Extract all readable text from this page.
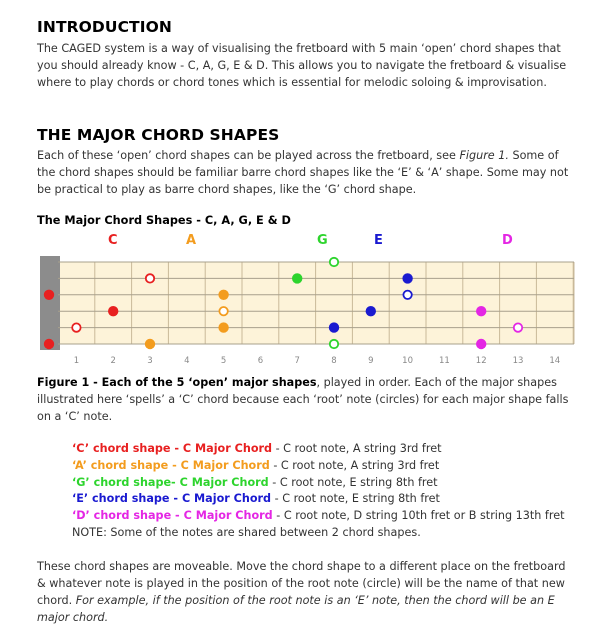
INTRODUCTION

The CAGED system is a way of visualising the fretboard with 5 main ‘open’ chord shapes that you should already know - C, A, G, E & D. This allows you to navigate the fretboard & visualise where to play chords or chord tones which is essential for melodic soloing & improvisation.

THE MAJOR CHORD SHAPES

Each of these ‘open’ chord shapes can be played across the fretboard, see Figure 1. Some of the chord shapes should be familiar barre chord shapes like the ‘E’ & ‘A’ shape. Some may not be practical to play as barre chord shapes, like the ‘G’ chord shape.

The Major Chord Shapes - C, A, G, E & D

C	A	G	E	D
1	2	3	4	5	6	7	8	9	10	11	12	13	14

Figure 1 - Each of the 5 ‘open’ major shapes, played in order. Each of the major shapes illustrated here ‘spells’ a ‘C’ chord because each ‘root’ note (circles) for each major shape falls on a ‘C’ note.

‘C’ chord shape - C Major Chord - C root note, A string 3rd fret
‘A’ chord shape - C Major Chord - C root note, A string 3rd fret
‘G’ chord shape- C Major Chord - C root note, E string 8th fret
‘E’ chord shape - C Major Chord - C root note, E string 8th fret
‘D’ chord shape - C Major Chord - C root note, D string 10th fret or B string 13th fret
NOTE: Some of the notes are shared between 2 chord shapes.

These chord shapes are moveable. Move the chord shape to a different place on the fretboard & whatever note is played in the position of the root note (circle) will be the name of that new chord. For example, if the position of the root note is an ‘E’ note, then the chord will be an E major chord.
